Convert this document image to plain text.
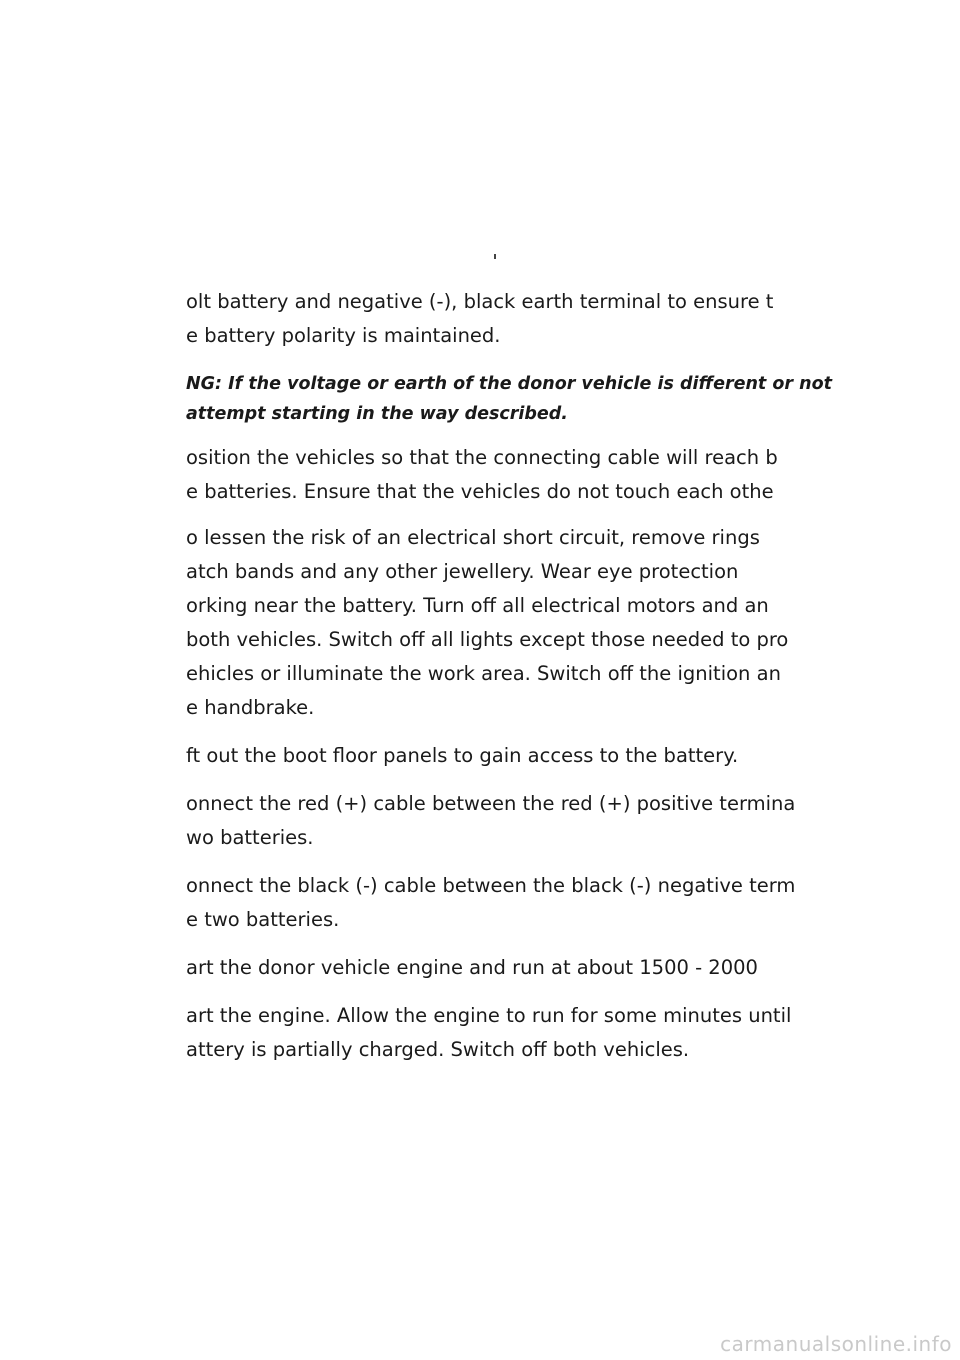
olt battery and negative (-), black earth terminal to ensure t
e battery polarity is maintained.
NG: If the voltage or earth of the donor vehicle is different or not
attempt starting in the way described.
osition the vehicles so that the connecting cable will reach b
e batteries. Ensure that the vehicles do not touch each othe
o lessen the risk of an electrical short circuit, remove rings
atch bands and any other jewellery. Wear eye protection
orking near the battery. Turn off all electrical motors and an
both vehicles. Switch off all lights except those needed to pro
ehicles or illuminate the work area. Switch off the ignition an
e handbrake.
ft out the boot floor panels to gain access to the battery.
onnect the red (+) cable between the red (+) positive termina
wo batteries.
onnect the black (-) cable between the black (-) negative term
e two batteries.
art the donor vehicle engine and run at about 1500 - 2000
art the engine. Allow the engine to run for some minutes until
attery is partially charged. Switch off both vehicles.
carmanualsonline.info
